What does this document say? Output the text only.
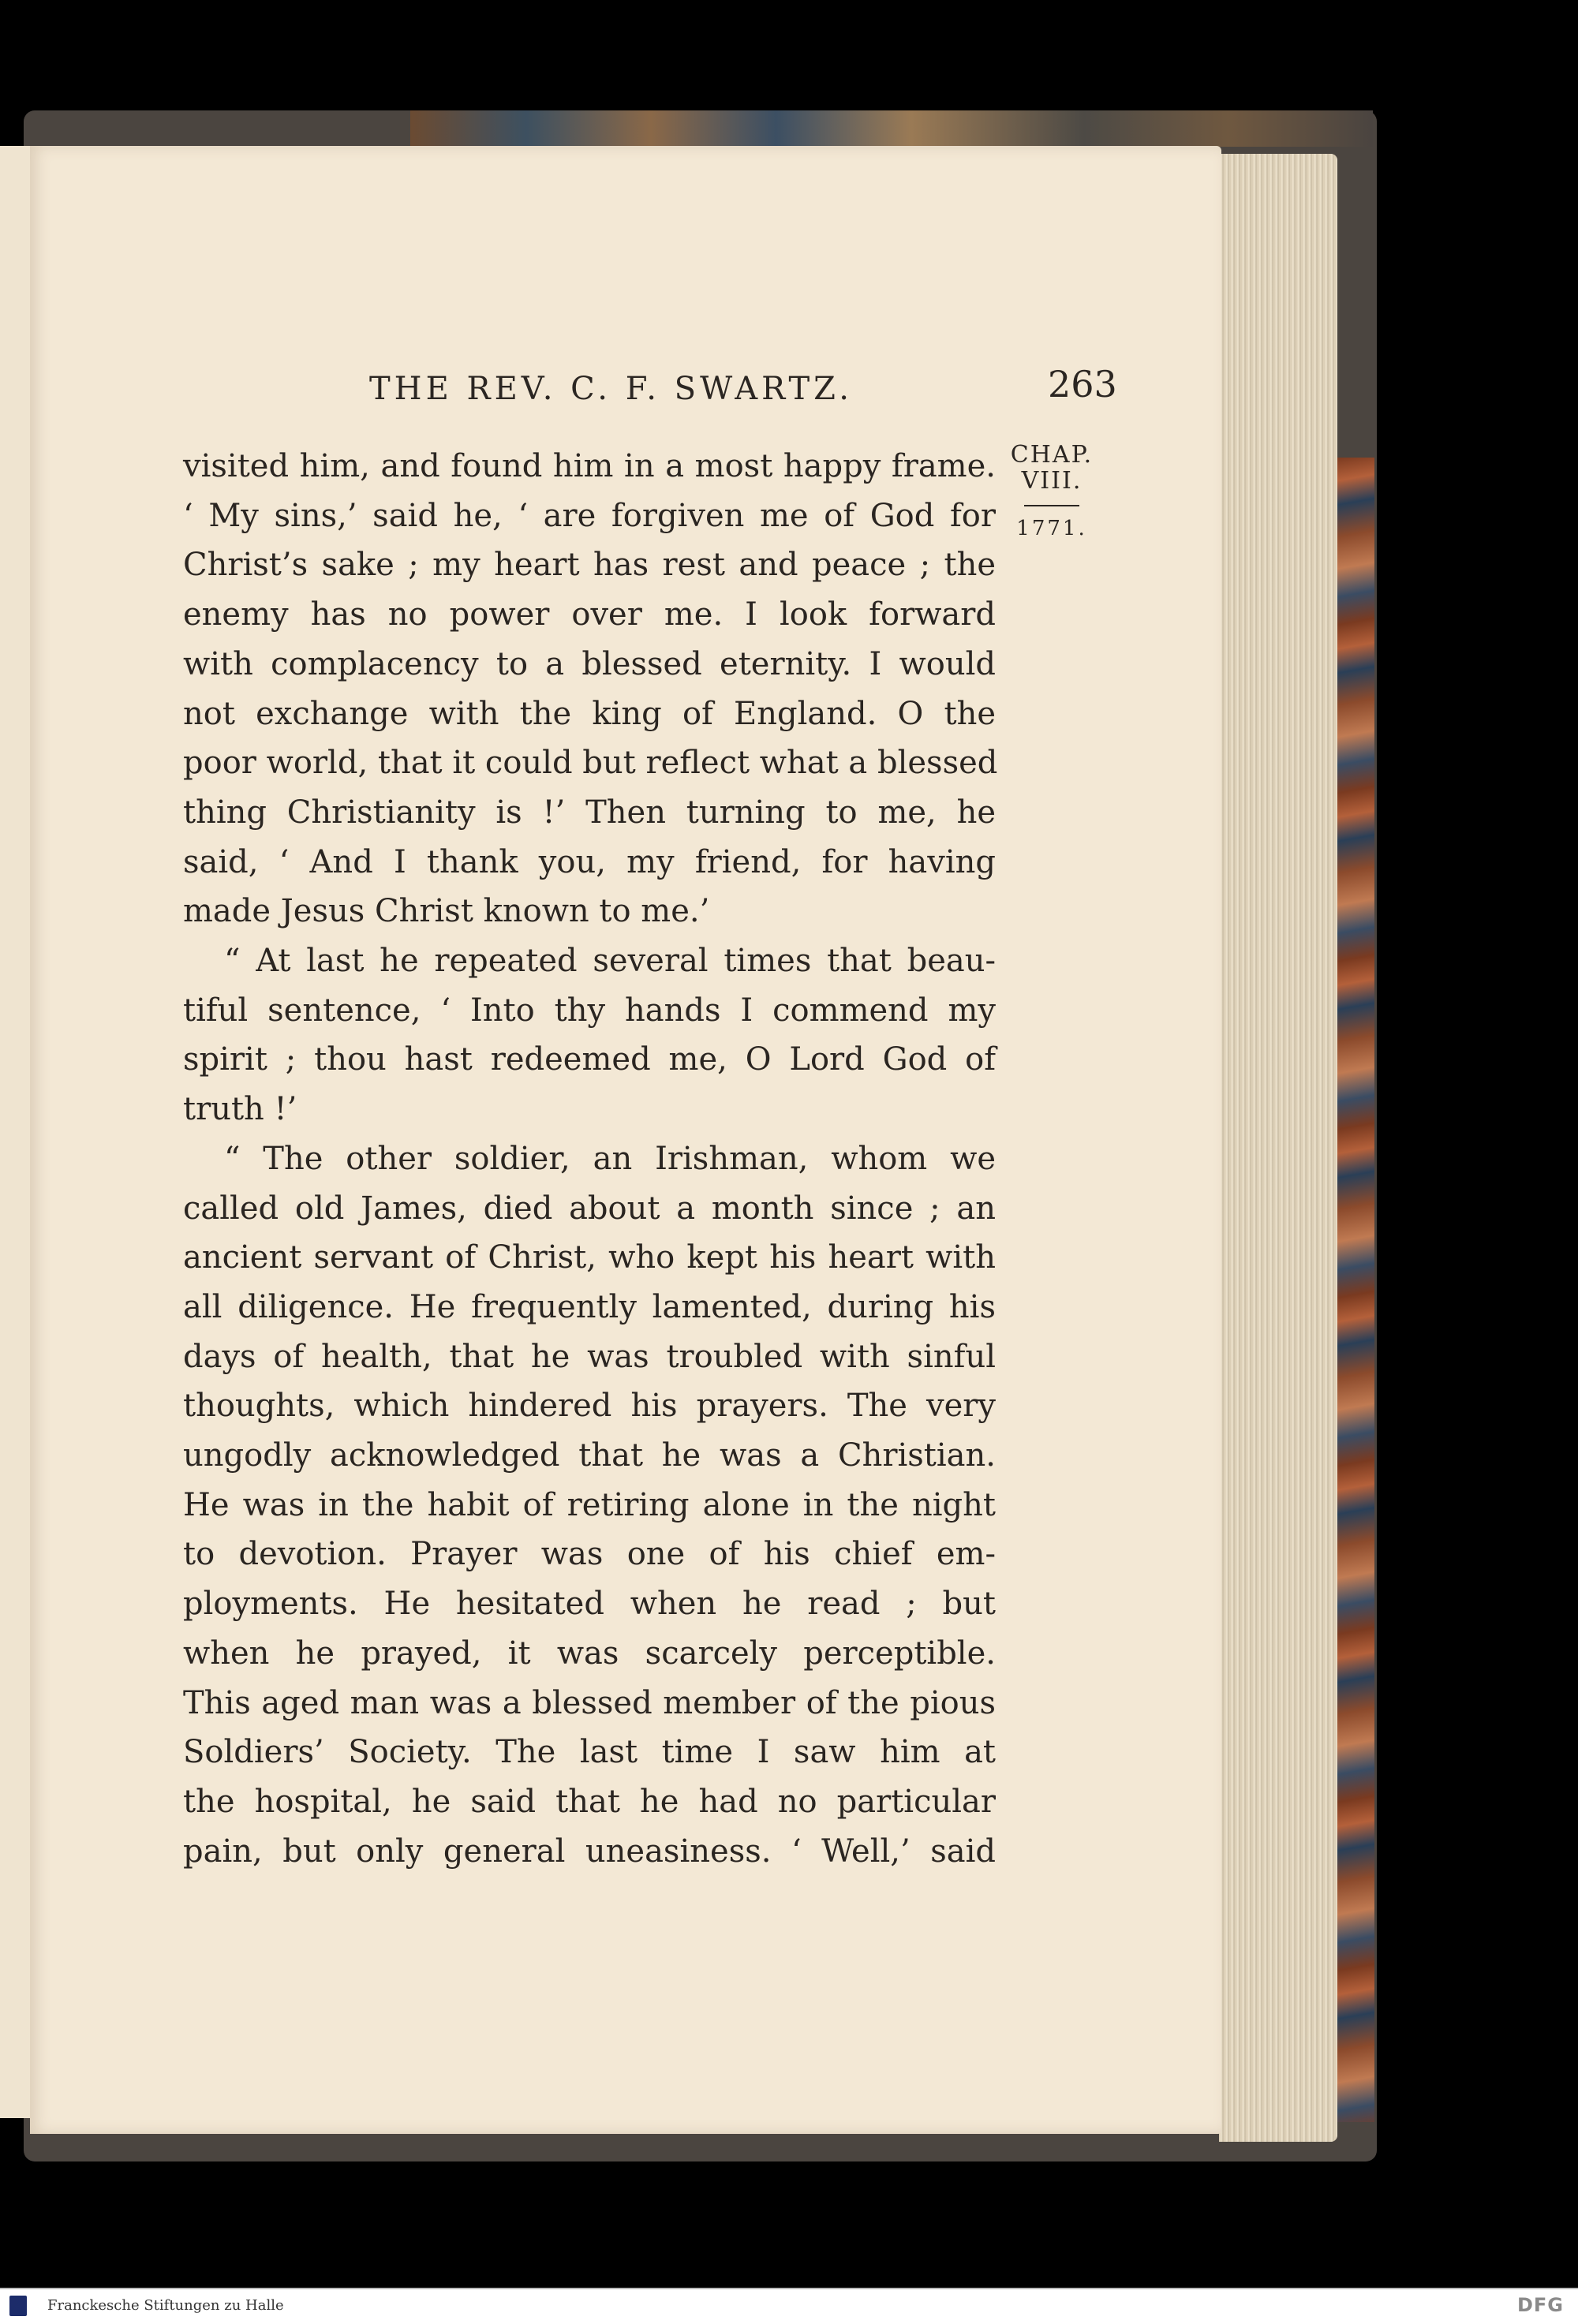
THE REV. C. F. SWARTZ.	263
CHAP.
VIII.
1771.

visited him, and found him in a most happy frame.
‘ My sins,’ said he, ‘ are forgiven me of God for
Christ’s sake ; my heart has rest and peace ; the
enemy has no power over me. I look forward
with complacency to a blessed eternity. I would
not exchange with the king of England. O the
poor world, that it could but reflect what a blessed
thing Christianity is !’ Then turning to me, he
said, ‘ And I thank you, my friend, for having
made Jesus Christ known to me.’

“ At last he repeated several times that beau-
tiful sentence, ‘ Into thy hands I commend my
spirit ; thou hast redeemed me, O Lord God of
truth !’

“ The other soldier, an Irishman, whom we
called old James, died about a month since ; an
ancient servant of Christ, who kept his heart with
all diligence. He frequently lamented, during his
days of health, that he was troubled with sinful
thoughts, which hindered his prayers. The very
ungodly acknowledged that he was a Christian.
He was in the habit of retiring alone in the night
to devotion. Prayer was one of his chief em-
ployments. He hesitated when he read ; but
when he prayed, it was scarcely perceptible.
This aged man was a blessed member of the pious
Soldiers’ Society. The last time I saw him at
the hospital, he said that he had no particular
pain, but only general uneasiness. ‘ Well,’ said

Franckesche Stiftungen zu Halle	DFG
